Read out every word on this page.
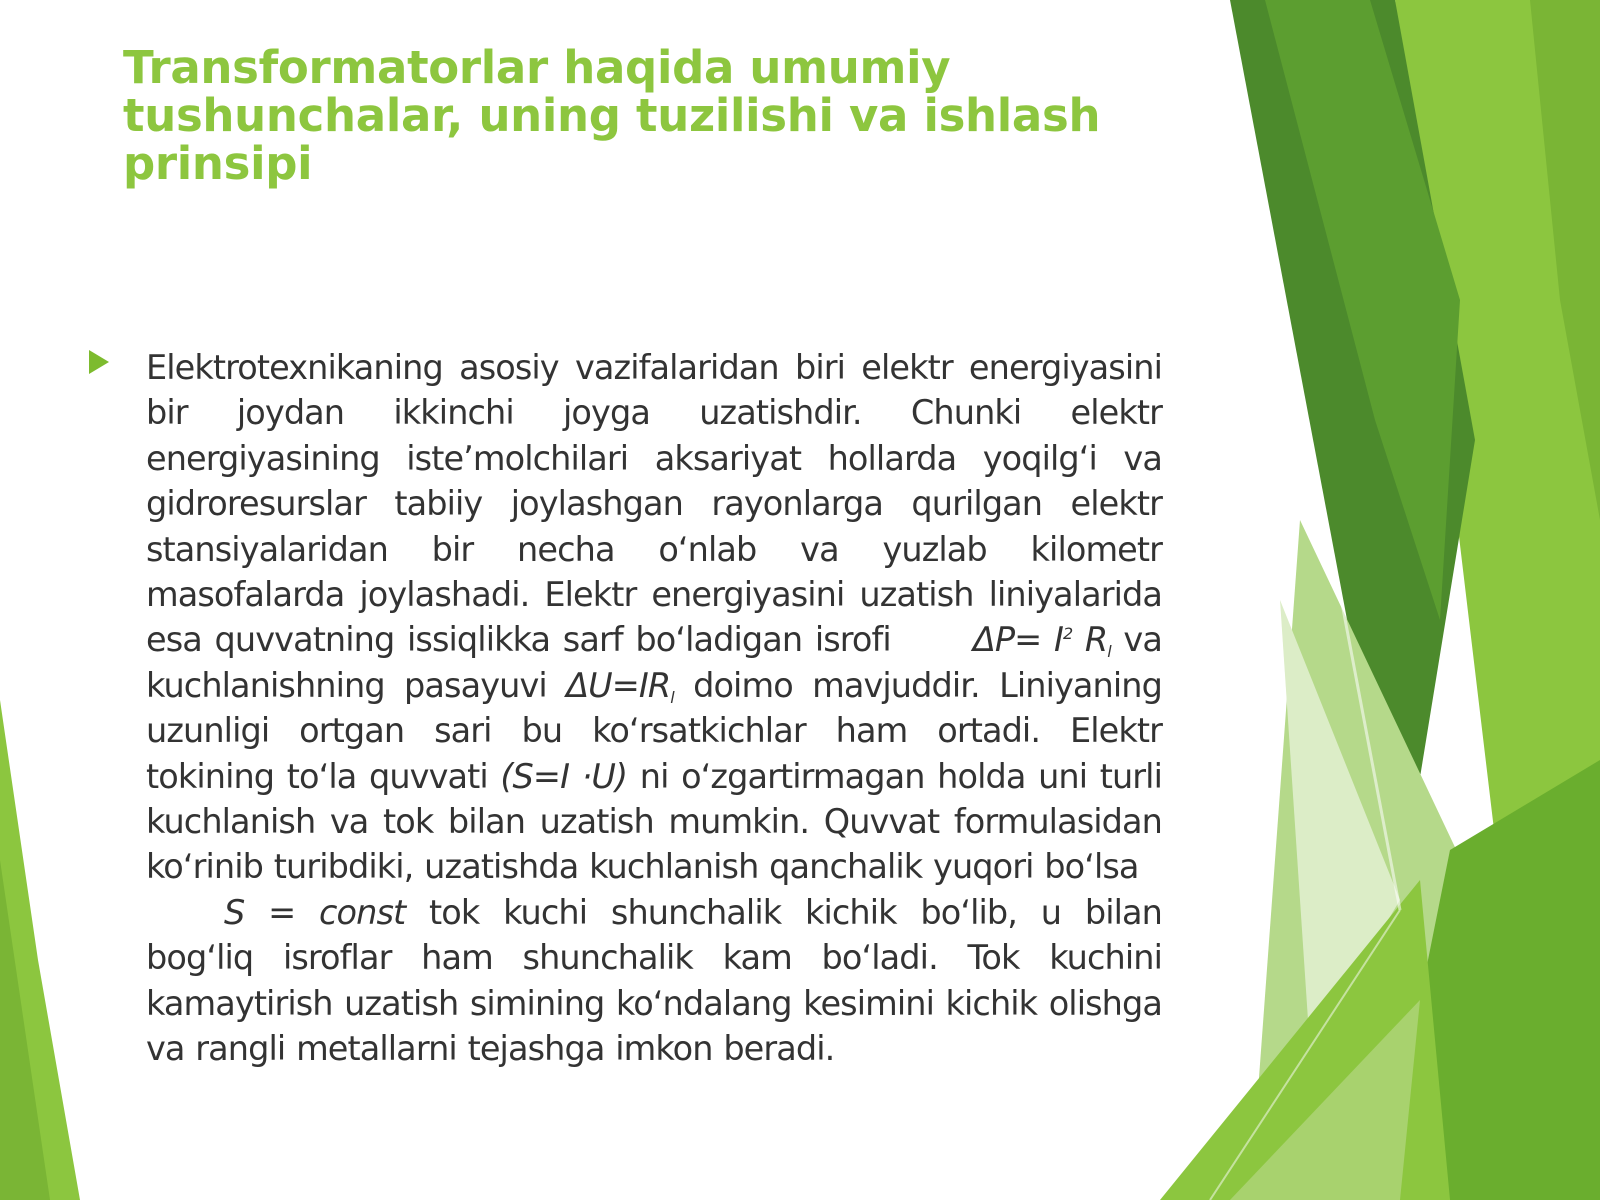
Transformatorlar haqida umumiy tushunchalar, uning tuzilishi va ishlash prinsipi

Elektrotexnikaning asosiy vazifalaridan biri elektr energiyasini bir joydan ikkinchi joyga uzatishdir. Chunki elektr energiyasining iste’molchilari aksariyat hollarda yoqilg‘i va gidroresurslar tabiiy joylashgan rayonlarga qurilgan elektr stansiyalaridan bir necha o‘nlab va yuzlab kilometr masofalarda joylashadi. Elektr energiyasini uzatish liniyalarida esa quvvatning issiqlikka sarf bo‘ladigan isrofi $\Delta P= I^2$ $R_l$ va kuchlanishning pasayuvi $\Delta U=IR_l$ doimo mavjuddir. Liniyaning uzunligi ortgan sari bu ko‘rsatkichlar ham ortadi. Elektr tokining to‘la quvvati (S=I ·U) ni o‘zgartirmagan holda uni turli kuchlanish va tok bilan uzatish mumkin. Quvvat formulasidan ko‘rinib turibdiki, uzatishda kuchlanish qanchalik yuqori bo‘lsa
S = const tok kuchi shunchalik kichik bo‘lib, u bilan bog‘liq isroflar ham shunchalik kam bo‘ladi. Tok kuchini kamaytirish uzatish simining ko‘ndalang kesimini kichik olishga va rangli metallarni tejashga imkon beradi.
